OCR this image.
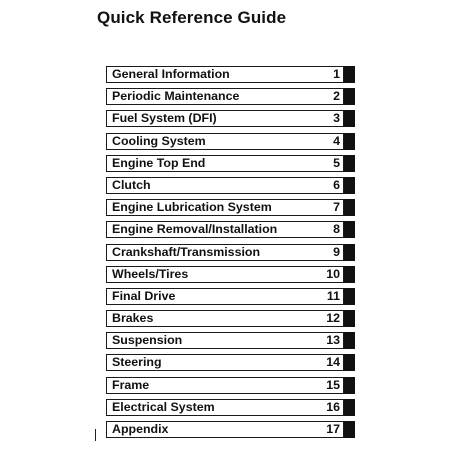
Quick Reference Guide
General Information	1
Periodic Maintenance	2
Fuel System (DFI)	3
Cooling System	4
Engine Top End	5
Clutch	6
Engine Lubrication System	7
Engine Removal/Installation	8
Crankshaft/Transmission	9
Wheels/Tires	10
Final Drive	11
Brakes	12
Suspension	13
Steering	14
Frame	15
Electrical System	16
Appendix	17
